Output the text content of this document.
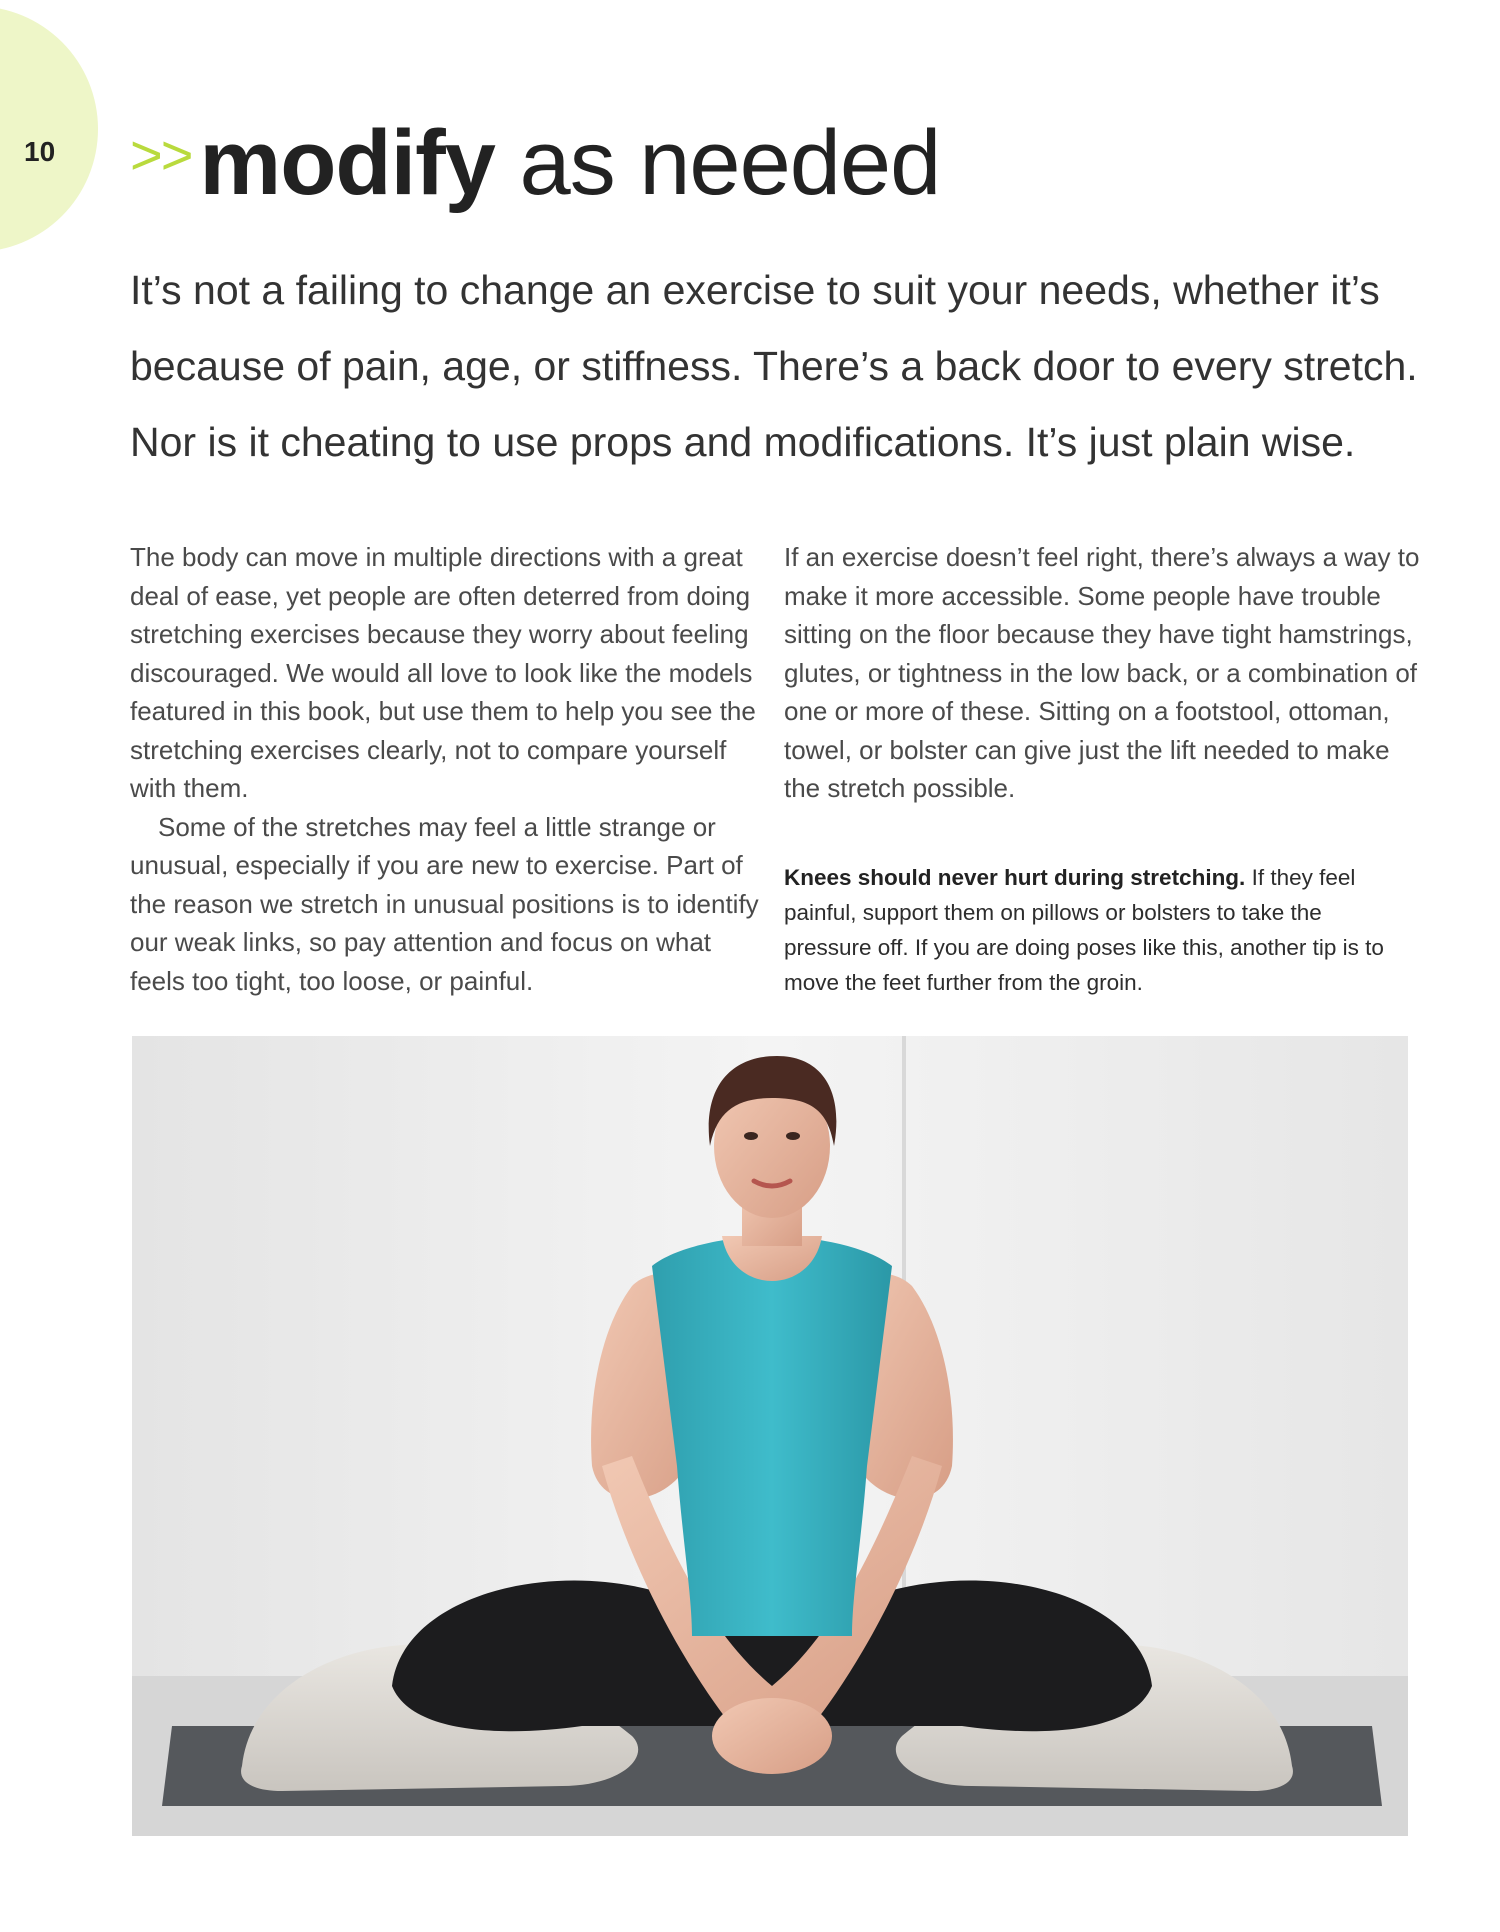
10 >>modify as needed

It’s not a failing to change an exercise to suit your needs, whether it’s

because of pain, age, or stiffness. There’s a back door to every stretch.

Nor is it cheating to use props and modifications. It’s just plain wise.

The body can move in multiple directions with a great deal of ease, yet people are often deterred from doing stretching exercises because they worry about feeling discouraged. We would all love to look like the models featured in this book, but use them to help you see the stretching exercises clearly, not to compare yourself with them.

Some of the stretches may feel a little strange or unusual, especially if you are new to exercise. Part of the reason we stretch in unusual positions is to identify our weak links, so pay attention and focus on what feels too tight, too loose, or painful.

If an exercise doesn’t feel right, there’s always a way to make it more accessible. Some people have trouble sitting on the floor because they have tight hamstrings, glutes, or tightness in the low back, or a combination of one or more of these. Sitting on a footstool, ottoman, towel, or bolster can give just the lift needed to make the stretch possible.

Knees should never hurt during stretching. If they feel painful, support them on pillows or bolsters to take the pressure off. If you are doing poses like this, another tip is to move the feet further from the groin.
